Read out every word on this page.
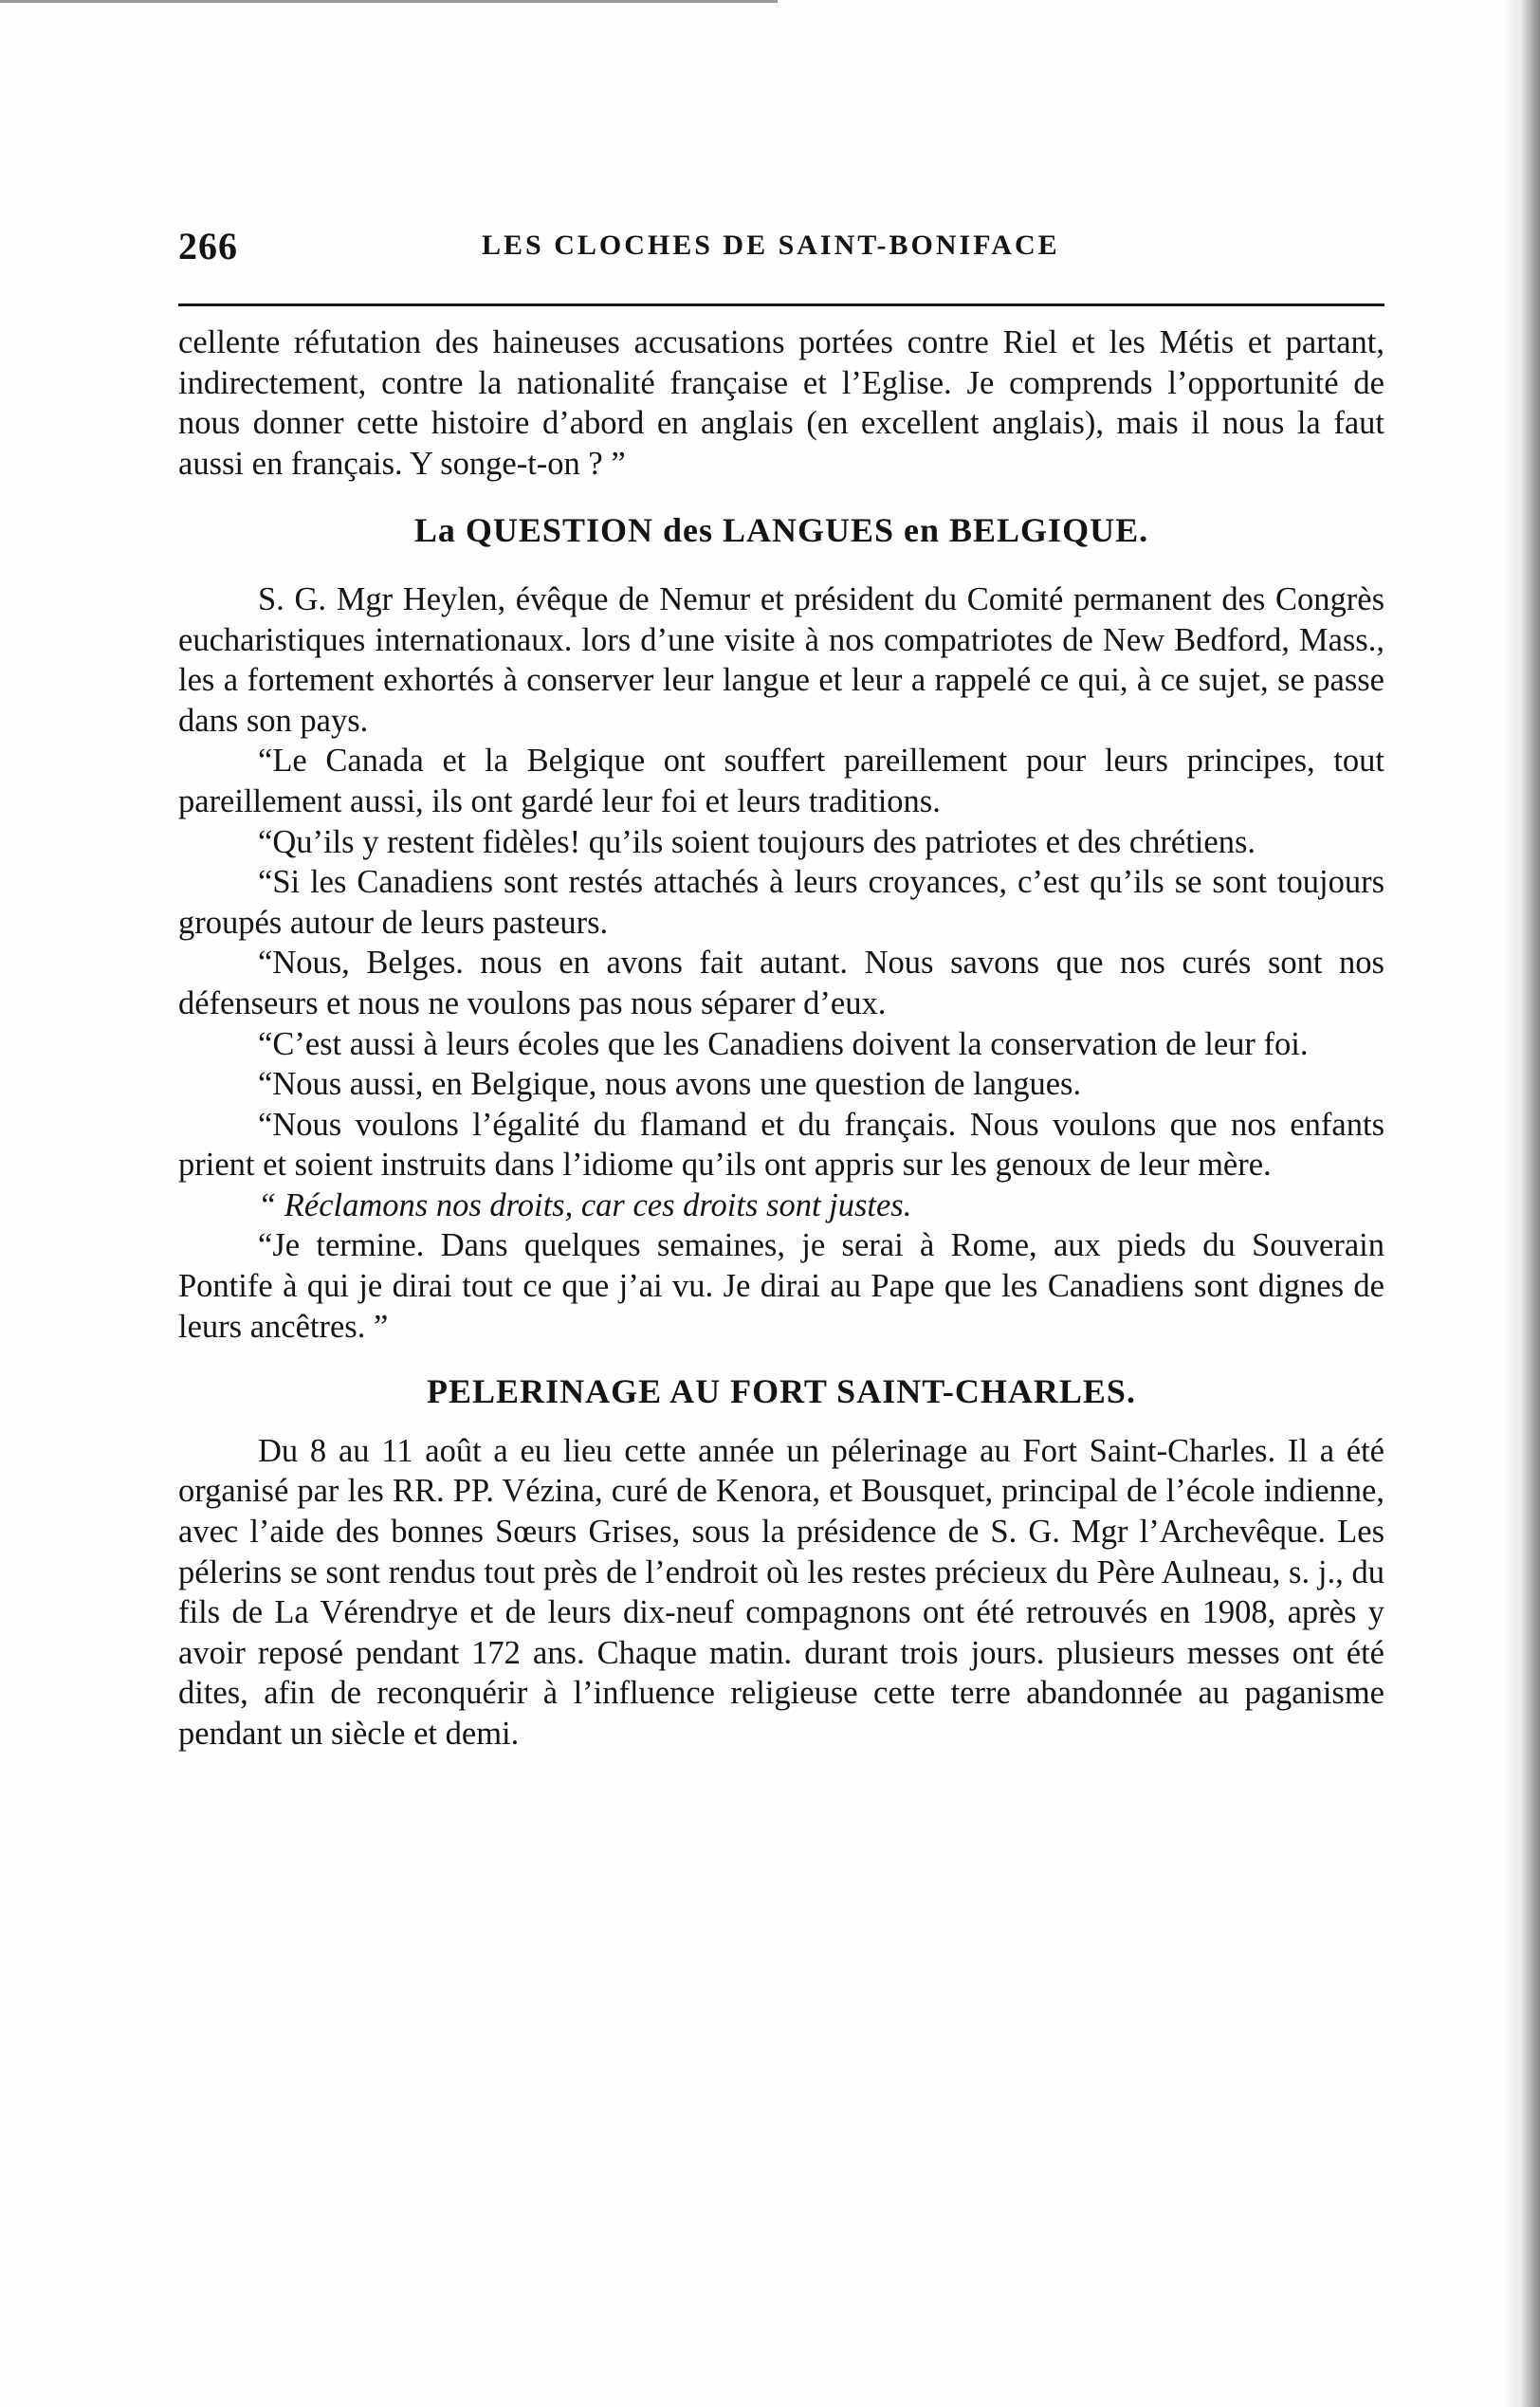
266	LES CLOCHES DE SAINT-BONIFACE

cellente réfutation des haineuses accusations portées contre Riel et les Métis et partant, indirectement, contre la nationalité française et l’Eglise. Je comprends l’opportunité de nous donner cette histoire d’abord en anglais (en excellent anglais), mais il nous la faut aussi en français. Y songe-t-on ? ”

La QUESTION des LANGUES en BELGIQUE.

S. G. Mgr Heylen, évêque de Nemur et président du Comité permanent des Congrès eucharistiques internationaux. lors d’une visite à nos compatriotes de New Bedford, Mass., les a fortement exhortés à conserver leur langue et leur a rappelé ce qui, à ce sujet, se passe dans son pays.

“Le Canada et la Belgique ont souffert pareillement pour leurs principes, tout pareillement aussi, ils ont gardé leur foi et leurs traditions.

“Qu’ils y restent fidèles! qu’ils soient toujours des patriotes et des chrétiens.

“Si les Canadiens sont restés attachés à leurs croyances, c’est qu’ils se sont toujours groupés autour de leurs pasteurs.

“Nous, Belges. nous en avons fait autant. Nous savons que nos curés sont nos défenseurs et nous ne voulons pas nous séparer d’eux.

“C’est aussi à leurs écoles que les Canadiens doivent la conservation de leur foi.

“Nous aussi, en Belgique, nous avons une question de langues.

“Nous voulons l’égalité du flamand et du français. Nous voulons que nos enfants prient et soient instruits dans l’idiome qu’ils ont appris sur les genoux de leur mère.

“ Réclamons nos droits, car ces droits sont justes.

“Je termine. Dans quelques semaines, je serai à Rome, aux pieds du Souverain Pontife à qui je dirai tout ce que j’ai vu. Je dirai au Pape que les Canadiens sont dignes de leurs ancêtres. ”

PELERINAGE AU FORT SAINT-CHARLES.

Du 8 au 11 août a eu lieu cette année un pélerinage au Fort Saint-Charles. Il a été organisé par les RR. PP. Vézina, curé de Kenora, et Bousquet, principal de l’école indienne, avec l’aide des bonnes Sœurs Grises, sous la présidence de S. G. Mgr l’Archevêque. Les pélerins se sont rendus tout près de l’endroit où les restes précieux du Père Aulneau, s. j., du fils de La Vérendrye et de leurs dix-neuf compagnons ont été retrouvés en 1908, après y avoir reposé pendant 172 ans. Chaque matin. durant trois jours. plusieurs messes ont été dites, afin de reconquérir à l’influence religieuse cette terre abandonnée au paganisme pendant un siècle et demi.
